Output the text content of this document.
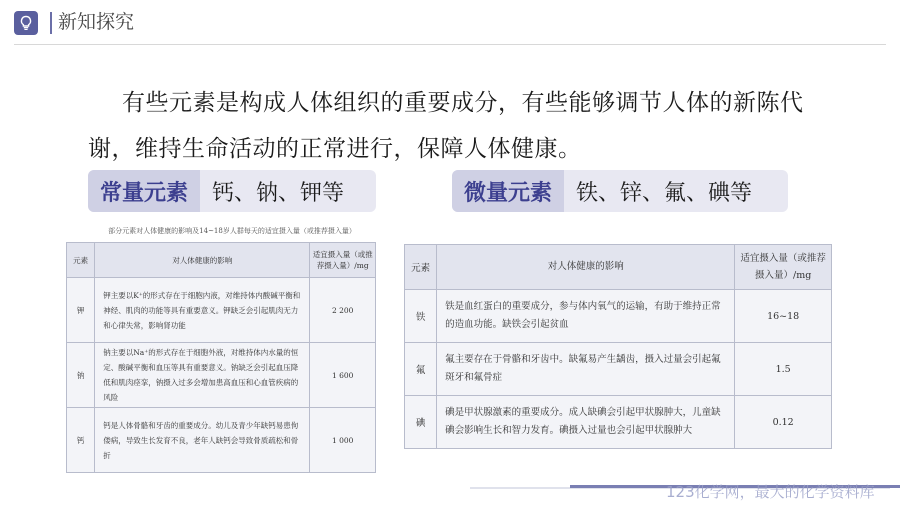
新知探究
有些元素是构成人体组织的重要成分，有些能够调节人体的新陈代谢，维持生命活动的正常进行，保障人体健康。
常量元素	钙、钠、钾等	微量元素	铁、锌、氟、碘等
部分元素对人体健康的影响及14~18岁人群每天的适宜摄入量（或推荐摄入量）
元素	对人体健康的影响	适宜摄入量（或推荐摄入量）/mg
钾	钾主要以K⁺的形式存在于细胞内液，对维持体内酸碱平衡和神经、肌肉的功能等具有重要意义。钾缺乏会引起肌肉无力和心律失常，影响肾功能	2 200
钠	钠主要以Na⁺的形式存在于细胞外液，对维持体内水量的恒定、酸碱平衡和血压等具有重要意义。钠缺乏会引起血压降低和肌肉痉挛，钠摄入过多会增加患高血压和心血管疾病的风险	1 600
钙	钙是人体骨骼和牙齿的重要成分。幼儿及青少年缺钙易患佝偻病，导致生长发育不良，老年人缺钙会导致骨质疏松和骨折	1 000
元素	对人体健康的影响	适宜摄入量（或推荐摄入量）/mg
铁	铁是血红蛋白的重要成分，参与体内氧气的运输，有助于维持正常的造血功能。缺铁会引起贫血	16~18
氟	氟主要存在于骨骼和牙齿中。缺氟易产生龋齿，摄入过量会引起氟斑牙和氟骨症	1.5
碘	碘是甲状腺激素的重要成分。成人缺碘会引起甲状腺肿大，儿童缺碘会影响生长和智力发育。碘摄入过量也会引起甲状腺肿大	0.12
123化学网，最大的化学资料库
